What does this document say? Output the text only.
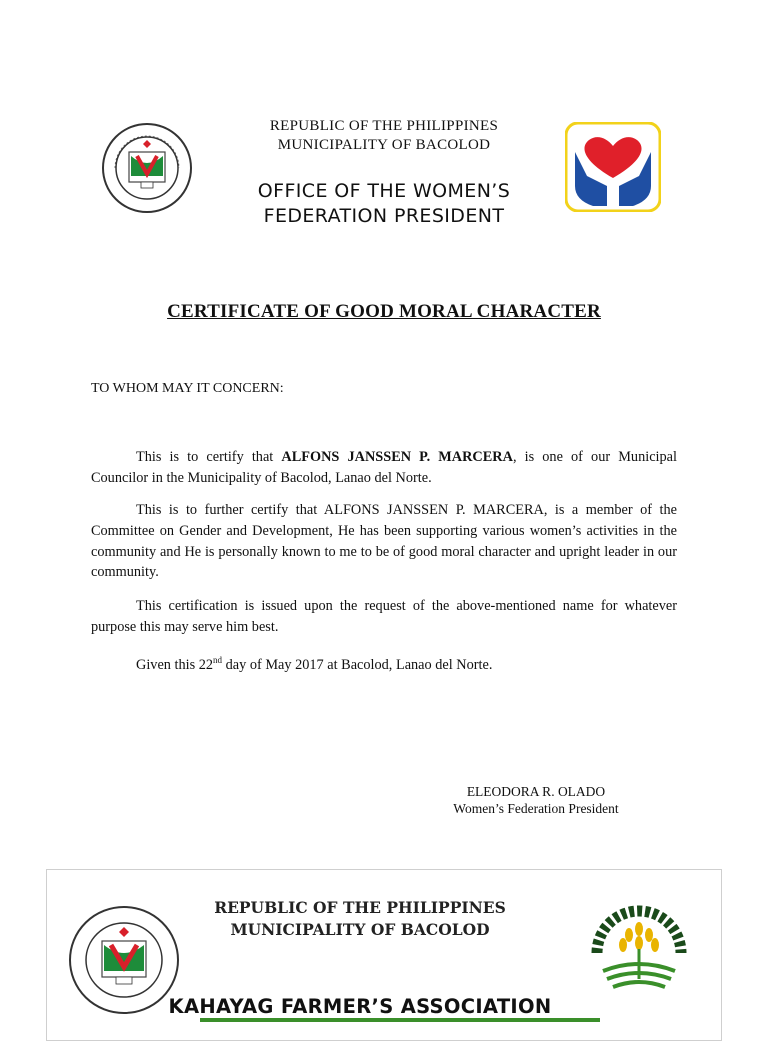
REPUBLIC OF THE PHILIPPINES
MUNICIPALITY OF BACOLOD
OFFICE OF THE WOMEN’S
FEDERATION PRESIDENT
CERTIFICATE OF GOOD MORAL CHARACTER
TO WHOM MAY IT CONCERN:

This is to certify that ALFONS JANSSEN P. MARCERA, is one of our Municipal Councilor in the Municipality of Bacolod, Lanao del Norte.

This is to further certify that ALFONS JANSSEN P. MARCERA, is a member of the Committee on Gender and Development, He has been supporting various women’s activities in the community and He is personally known to me to be of good moral character and upright leader in our community.

This certification is issued upon the request of the above-mentioned name for whatever purpose this may serve him best.

Given this 22nd day of May 2017 at Bacolod, Lanao del Norte.

ELEODORA R. OLADO
Women’s Federation President
REPUBLIC OF THE PHILIPPINES
MUNICIPALITY OF BACOLOD
KAHAYAG FARMER’S ASSOCIATION
